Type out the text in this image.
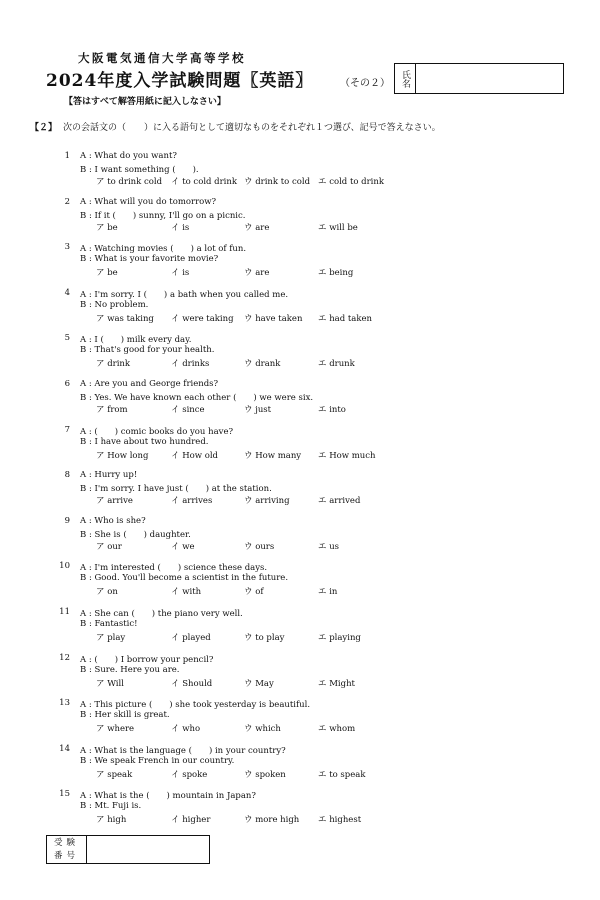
大阪電気通信大学高等学校
2024年度入学試験問題〖英語〗	（その２）
【答はすべて解答用紙に記入しなさい】
氏名
【２】 次の会話文の（　　）に入る語句として適切なものをそれぞれ１つ選び、記号で答えなさい。
1 A : What do you want?
B : I want something (　　).
ア to drink cold イ to cold drink ウ drink to cold エ cold to drink
2 A : What will you do tomorrow?
B : If it (　　) sunny, I'll go on a picnic.
ア be	イ is	ウ are	エ will be
3 A : Watching movies (　　) a lot of fun.
B : What is your favorite movie?
ア be	イ is	ウ are	エ being
4 A : I'm sorry. I (　　) a bath when you called me.
B : No problem.
ア was taking イ were taking ウ have taken エ had taken
5 A : I (　　) milk every day.
B : That's good for your health.
ア drink	イ drinks	ウ drank	エ drunk
6 A : Are you and George friends?
B : Yes. We have known each other (　　) we were six.
ア from	イ since	ウ just	エ into
7 A : (　　) comic books do you have?
B : I have about two hundred.
ア How long	イ How old	ウ How many エ How much
8 A : Hurry up!
B : I'm sorry. I have just (　　) at the station.
ア arrive	イ arrives	ウ arriving	エ arrived
9 A : Who is she?
B : She is (　　) daughter.
ア our	イ we	ウ ours	エ us
10 A : I'm interested (　　) science these days.
B : Good. You'll become a scientist in the future.
ア on	イ with	ウ of	エ in
11 A : She can (　　) the piano very well.
B : Fantastic!
ア play	イ played	ウ to play	エ playing
12 A : (　　) I borrow your pencil?
B : Sure. Here you are.
ア Will	イ Should	ウ May	エ Might
13 A : This picture (　　) she took yesterday is beautiful.
B : Her skill is great.
ア where	イ who	ウ which	エ whom
14 A : What is the language (　　) in your country?
B : We speak French in our country.
ア speak	イ spoke	ウ spoken	エ to speak
15 A : What is the (　　) mountain in Japan?
B : Mt. Fuji is.
ア high	イ higher	ウ more high エ highest
受験
番号
